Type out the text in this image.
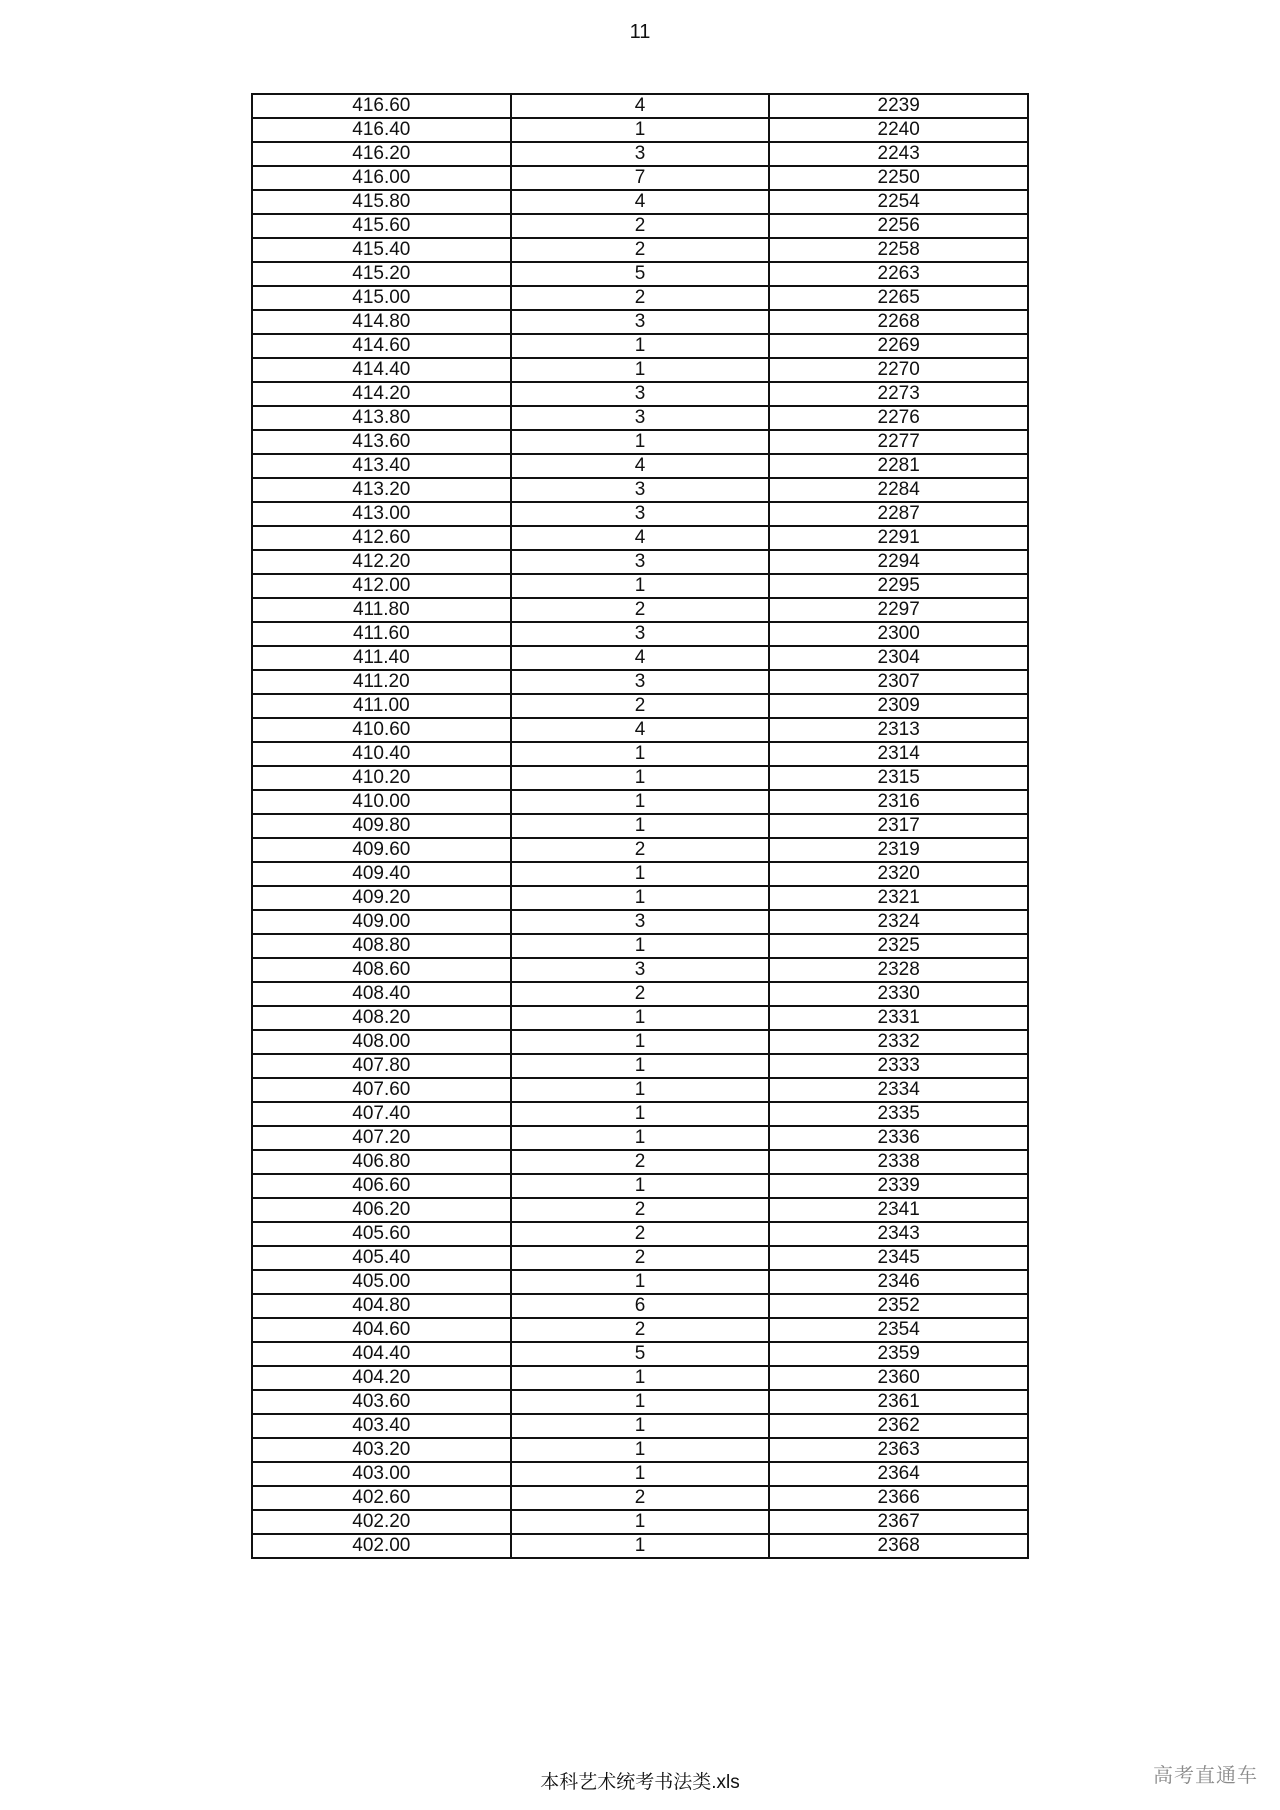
11
416.60	4	2239
416.40	1	2240
416.20	3	2243
416.00	7	2250
415.80	4	2254
415.60	2	2256
415.40	2	2258
415.20	5	2263
415.00	2	2265
414.80	3	2268
414.60	1	2269
414.40	1	2270
414.20	3	2273
413.80	3	2276
413.60	1	2277
413.40	4	2281
413.20	3	2284
413.00	3	2287
412.60	4	2291
412.20	3	2294
412.00	1	2295
411.80	2	2297
411.60	3	2300
411.40	4	2304
411.20	3	2307
411.00	2	2309
410.60	4	2313
410.40	1	2314
410.20	1	2315
410.00	1	2316
409.80	1	2317
409.60	2	2319
409.40	1	2320
409.20	1	2321
409.00	3	2324
408.80	1	2325
408.60	3	2328
408.40	2	2330
408.20	1	2331
408.00	1	2332
407.80	1	2333
407.60	1	2334
407.40	1	2335
407.20	1	2336
406.80	2	2338
406.60	1	2339
406.20	2	2341
405.60	2	2343
405.40	2	2345
405.00	1	2346
404.80	6	2352
404.60	2	2354
404.40	5	2359
404.20	1	2360
403.60	1	2361
403.40	1	2362
403.20	1	2363
403.00	1	2364
402.60	2	2366
402.20	1	2367
402.00	1	2368
本科艺术统考书法类.xls	高考直通车
